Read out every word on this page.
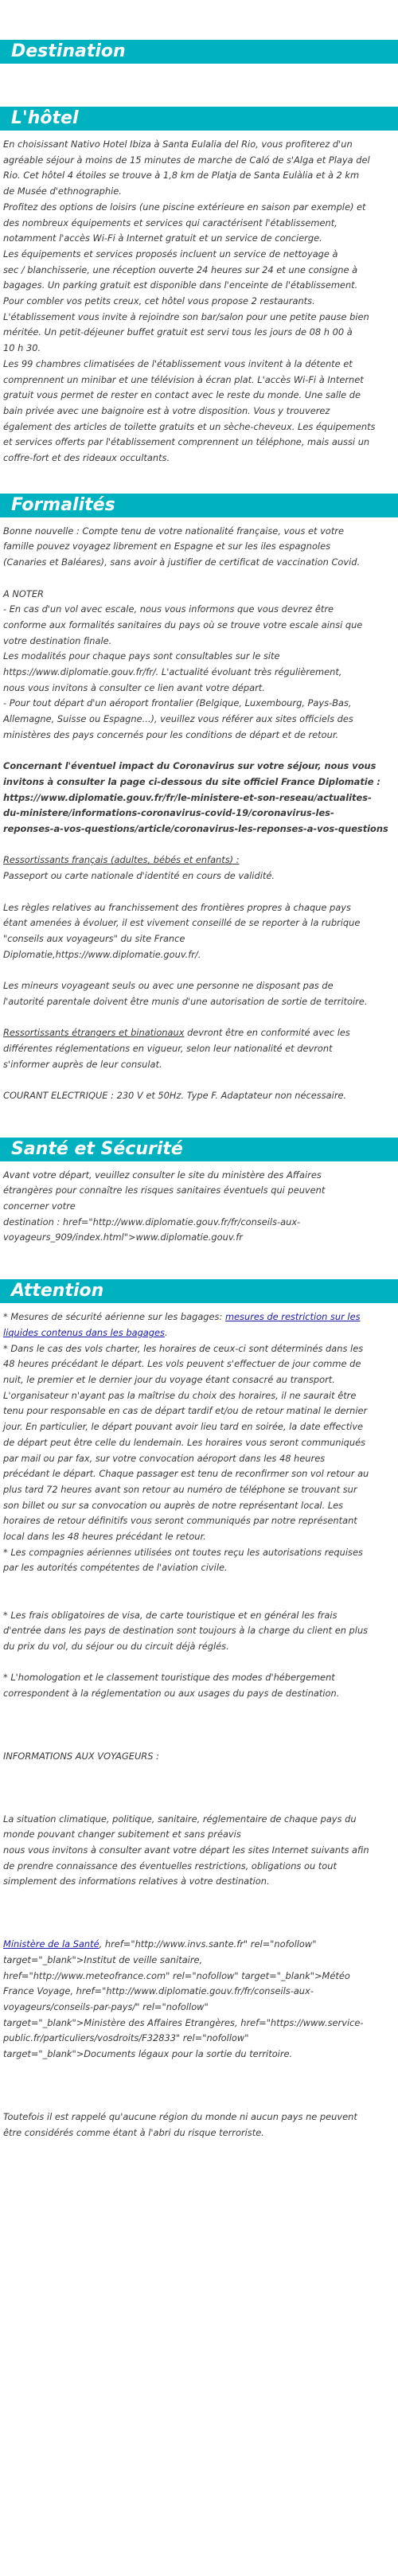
Destination
L'hôtel

En choisissant Nativo Hotel Ibiza à Santa Eulalia del Rio, vous profiterez d'un

agréable séjour à moins de 15 minutes de marche de Caló de s'Alga et Playa del

Rio. Cet hôtel 4 étoiles se trouve à 1,8 km de Platja de Santa Eulàlia et à 2 km

de Musée d'ethnographie.

Profitez des options de loisirs (une piscine extérieure en saison par exemple) et

des nombreux équipements et services qui caractérisent l'établissement,

notamment l'accès Wi-Fi à Internet gratuit et un service de concierge.

Les équipements et services proposés incluent un service de nettoyage à

sec / blanchisserie, une réception ouverte 24 heures sur 24 et une consigne à

bagages. Un parking gratuit est disponible dans l'enceinte de l'établissement.

Pour combler vos petits creux, cet hôtel vous propose 2 restaurants.

L'établissement vous invite à rejoindre son bar/salon pour une petite pause bien

méritée. Un petit-déjeuner buffet gratuit est servi tous les jours de 08 h 00 à

10 h 30.

Les 99 chambres climatisées de l'établissement vous invitent à la détente et

comprennent un minibar et une télévision à écran plat. L'accès Wi-Fi à Internet

gratuit vous permet de rester en contact avec le reste du monde. Une salle de

bain privée avec une baignoire est à votre disposition. Vous y trouverez

également des articles de toilette gratuits et un sèche-cheveux. Les équipements

et services offerts par l'établissement comprennent un téléphone, mais aussi un

coffre-fort et des rideaux occultants.

Formalités

Bonne nouvelle : Compte tenu de votre nationalité française, vous et votre

famille pouvez voyagez librement en Espagne et sur les iles espagnoles

(Canaries et Baléares), sans avoir à justifier de certificat de vaccination Covid.

A NOTER

- En cas d'un vol avec escale, nous vous informons que vous devrez être

conforme aux formalités sanitaires du pays où se trouve votre escale ainsi que

votre destination finale.

Les modalités pour chaque pays sont consultables sur le site

https://www.diplomatie.gouv.fr/fr/. L'actualité évoluant très régulièrement,

nous vous invitons à consulter ce lien avant votre départ.

- Pour tout départ d'un aéroport frontalier (Belgique, Luxembourg, Pays-Bas,

Allemagne, Suisse ou Espagne...), veuillez vous référer aux sites officiels des

ministères des pays concernés pour les conditions de départ et de retour.

Concernant l'éventuel impact du Coronavirus sur votre séjour, nous vous

invitons à consulter la page ci-dessous du site officiel France Diplomatie :

https://www.diplomatie.gouv.fr/fr/le-ministere-et-son-reseau/actualites-

du-ministere/informations-coronavirus-covid-19/coronavirus-les-

reponses-a-vos-questions/article/coronavirus-les-reponses-a-vos-questions

Ressortissants français (adultes, bébés et enfants) :

Passeport ou carte nationale d'identité en cours de validité.

Les règles relatives au franchissement des frontières propres à chaque pays

étant amenées à évoluer, il est vivement conseillé de se reporter à la rubrique

"conseils aux voyageurs" du site France

Diplomatie,https://www.diplomatie.gouv.fr/.

Les mineurs voyageant seuls ou avec une personne ne disposant pas de

l'autorité parentale doivent être munis d'une autorisation de sortie de territoire.

Ressortissants étrangers et binationaux devront être en conformité avec les

différentes réglementations en vigueur, selon leur nationalité et devront

s'informer auprès de leur consulat.

COURANT ELECTRIQUE : 230 V et 50Hz. Type F. Adaptateur non nécessaire.

Santé et Sécurité

Avant votre départ, veuillez consulter le site du ministère des Affaires

étrangères pour connaître les risques sanitaires éventuels qui peuvent

concerner votre

destination : href="http://www.diplomatie.gouv.fr/fr/conseils-aux-

voyageurs_909/index.html">www.diplomatie.gouv.fr

Attention

* Mesures de sécurité aérienne sur les bagages: mesures de restriction sur les

liquides contenus dans les bagages.

* Dans le cas des vols charter, les horaires de ceux-ci sont déterminés dans les

48 heures précédant le départ. Les vols peuvent s'effectuer de jour comme de

nuit, le premier et le dernier jour du voyage étant consacré au transport.

L'organisateur n'ayant pas la maîtrise du choix des horaires, il ne saurait être

tenu pour responsable en cas de départ tardif et/ou de retour matinal le dernier

jour. En particulier, le départ pouvant avoir lieu tard en soirée, la date effective

de départ peut être celle du lendemain. Les horaires vous seront communiqués

par mail ou par fax, sur votre convocation aéroport dans les 48 heures

précédant le départ. Chaque passager est tenu de reconfirmer son vol retour au

plus tard 72 heures avant son retour au numéro de téléphone se trouvant sur

son billet ou sur sa convocation ou auprès de notre représentant local. Les

horaires de retour définitifs vous seront communiqués par notre représentant

local dans les 48 heures précédant le retour.

* Les compagnies aériennes utilisées ont toutes reçu les autorisations requises

par les autorités compétentes de l'aviation civile.

* Les frais obligatoires de visa, de carte touristique et en général les frais

d'entrée dans les pays de destination sont toujours à la charge du client en plus

du prix du vol, du séjour ou du circuit déjà réglés.

* L'homologation et le classement touristique des modes d'hébergement

correspondent à la réglementation ou aux usages du pays de destination.

INFORMATIONS AUX VOYAGEURS :

La situation climatique, politique, sanitaire, réglementaire de chaque pays du

monde pouvant changer subitement et sans préavis

nous vous invitons à consulter avant votre départ les sites Internet suivants afin

de prendre connaissance des éventuelles restrictions, obligations ou tout

simplement des informations relatives à votre destination.

Ministère de la Santé, href="http://www.invs.sante.fr" rel="nofollow"

target="_blank">Institut de veille sanitaire,

href="http://www.meteofrance.com" rel="nofollow" target="_blank">Météo

France Voyage, href="http://www.diplomatie.gouv.fr/fr/conseils-aux-

voyageurs/conseils-par-pays/" rel="nofollow"

target="_blank">Ministère des Affaires Etrangères, href="https://www.service-

public.fr/particuliers/vosdroits/F32833" rel="nofollow"

target="_blank">Documents légaux pour la sortie du territoire.

Toutefois il est rappelé qu'aucune région du monde ni aucun pays ne peuvent

être considérés comme étant à l'abri du risque terroriste.
